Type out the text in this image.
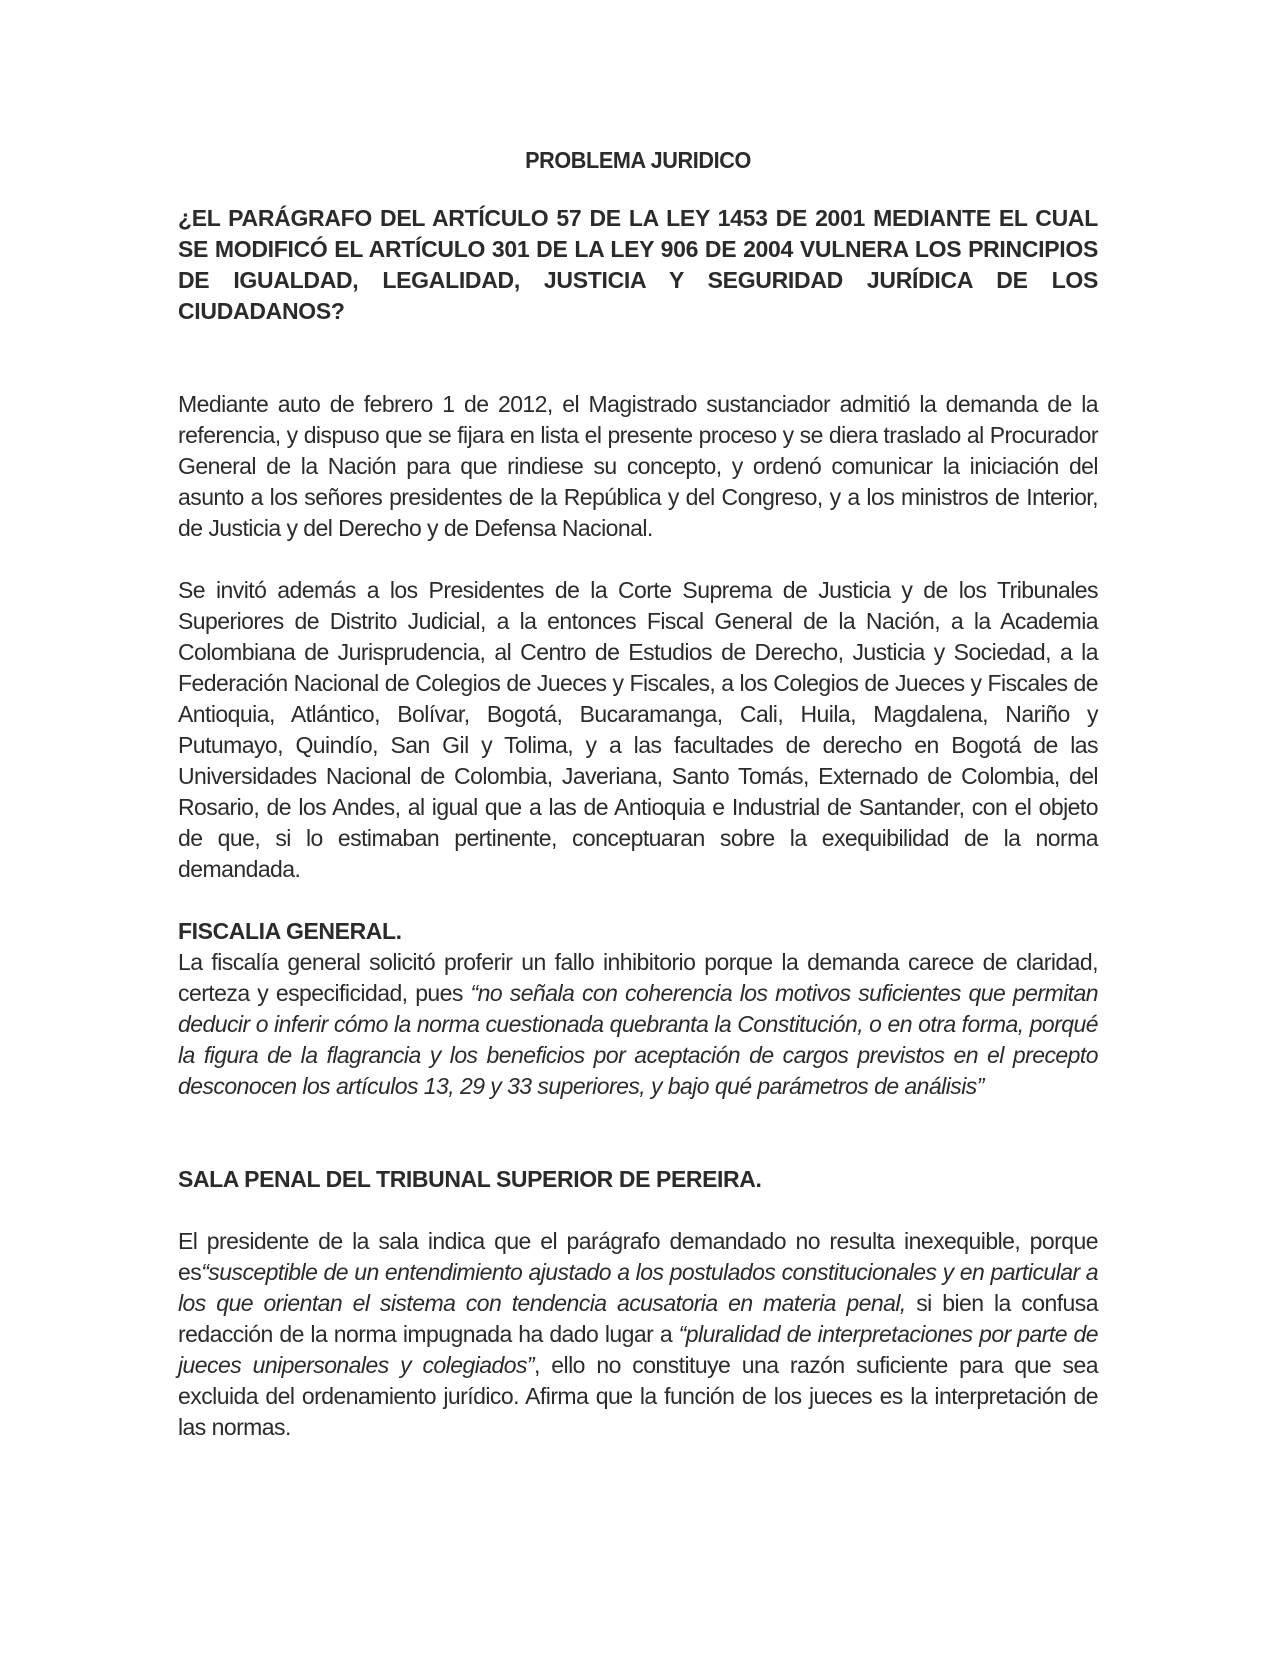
PROBLEMA JURIDICO

¿EL PARÁGRAFO DEL ARTÍCULO 57 DE LA LEY 1453 DE 2001 MEDIANTE EL CUAL SE MODIFICÓ EL ARTÍCULO 301 DE LA LEY 906 DE 2004 VULNERA LOS PRINCIPIOS DE IGUALDAD, LEGALIDAD, JUSTICIA Y SEGURIDAD JURÍDICA DE LOS CIUDADANOS?

Mediante auto de febrero 1 de 2012, el Magistrado sustanciador admitió la demanda de la referencia, y dispuso que se fijara en lista el presente proceso y se diera traslado al Procurador General de la Nación para que rindiese su concepto, y ordenó comunicar la iniciación del asunto a los señores presidentes de la República y del Congreso, y a los ministros de Interior, de Justicia y del Derecho y de Defensa Nacional.

Se invitó además a los Presidentes de la Corte Suprema de Justicia y de los Tribunales Superiores de Distrito Judicial, a la entonces Fiscal General de la Nación, a la Academia Colombiana de Jurisprudencia, al Centro de Estudios de Derecho, Justicia y Sociedad, a la Federación Nacional de Colegios de Jueces y Fiscales, a los Colegios de Jueces y Fiscales de Antioquia, Atlántico, Bolívar, Bogotá, Bucaramanga, Cali, Huila, Magdalena, Nariño y Putumayo, Quindío, San Gil y Tolima, y a las facultades de derecho en Bogotá de las Universidades Nacional de Colombia, Javeriana, Santo Tomás, Externado de Colombia, del Rosario, de los Andes, al igual que a las de Antioquia e Industrial de Santander, con el objeto de que, si lo estimaban pertinente, conceptuaran sobre la exequibilidad de la norma demandada.

FISCALIA GENERAL.

La fiscalía general solicitó proferir un fallo inhibitorio porque la demanda carece de claridad, certeza y especificidad, pues “no señala con coherencia los motivos suficientes que permitan deducir o inferir cómo la norma cuestionada quebranta la Constitución, o en otra forma, porqué la figura de la flagrancia y los beneficios por aceptación de cargos previstos en el precepto desconocen los artículos 13, 29 y 33 superiores, y bajo qué parámetros de análisis”

SALA PENAL DEL TRIBUNAL SUPERIOR DE PEREIRA.

El presidente de la sala indica que el parágrafo demandado no resulta inexequible, porque es“susceptible de un entendimiento ajustado a los postulados constitucionales y en particular a los que orientan el sistema con tendencia acusatoria en materia penal, si bien la confusa redacción de la norma impugnada ha dado lugar a “pluralidad de interpretaciones por parte de jueces unipersonales y colegiados”, ello no constituye una razón suficiente para que sea excluida del ordenamiento jurídico. Afirma que la función de los jueces es la interpretación de las normas.
